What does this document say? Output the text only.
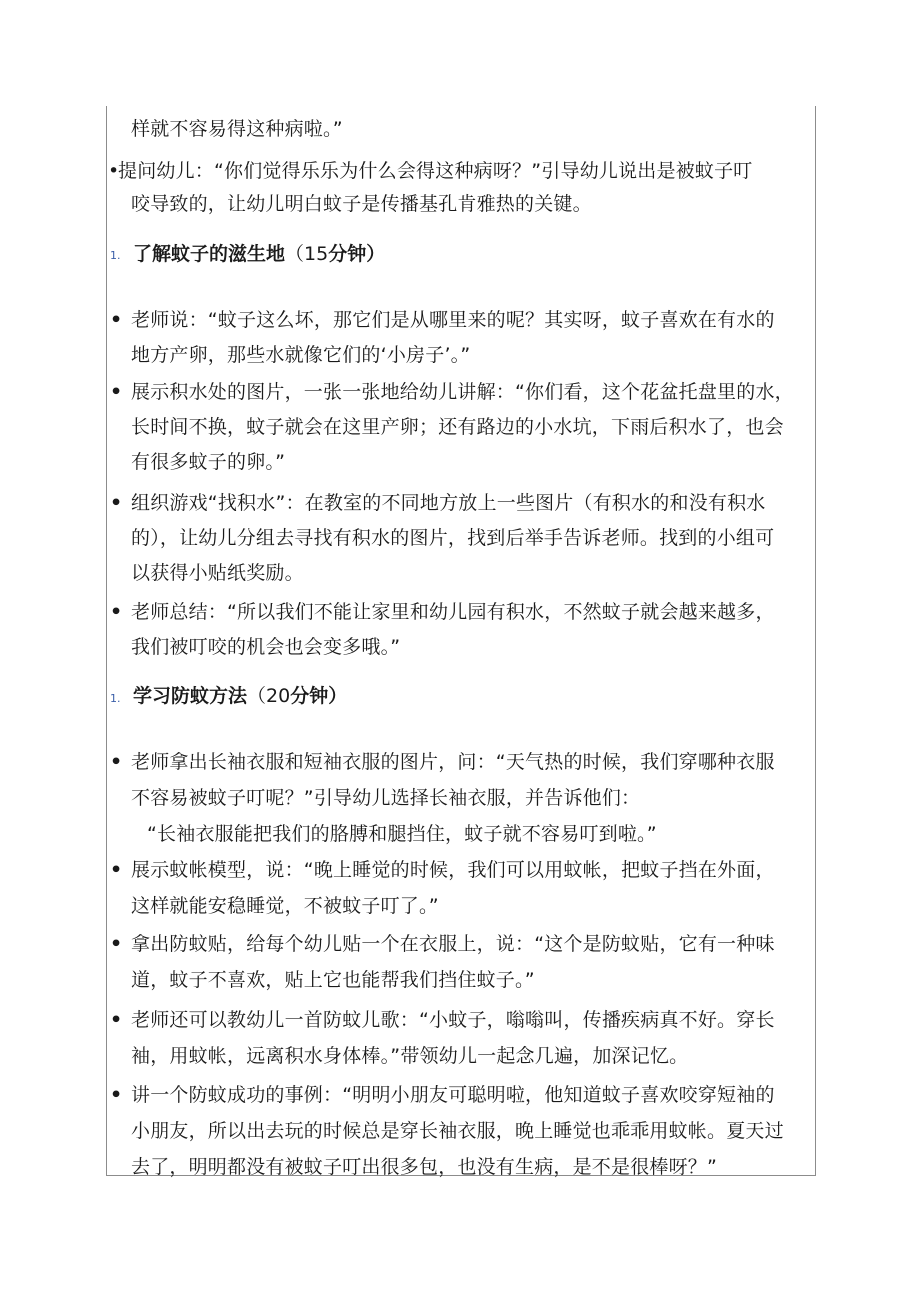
样就不容易得这种病啦。”
•
提问幼儿：“你们觉得乐乐为什么会得这种病呀？”引导幼儿说出是被蚊子叮
咬导致的，让幼儿明白蚊子是传播基孔肯雅热的关键。
1. 了解蚊子的滋生地（15分钟）
• 老师说：“蚊子这么坏，那它们是从哪里来的呢？其实呀，蚊子喜欢在有水的
地方产卵，那些水就像它们的‘小房子’。”
• 展示积水处的图片，一张一张地给幼儿讲解：“你们看，这个花盆托盘里的水，
长时间不换，蚊子就会在这里产卵；还有路边的小水坑，下雨后积水了，也会
有很多蚊子的卵。”
• 组织游戏“找积水”：在教室的不同地方放上一些图片（有积水的和没有积水
的），让幼儿分组去寻找有积水的图片，找到后举手告诉老师。找到的小组可
以获得小贴纸奖励。
• 老师总结：“所以我们不能让家里和幼儿园有积水，不然蚊子就会越来越多，
我们被叮咬的机会也会变多哦。”
1. 学习防蚊方法（20分钟）
• 老师拿出长袖衣服和短袖衣服的图片，问：“天气热的时候，我们穿哪种衣服
不容易被蚊子叮呢？”引导幼儿选择长袖衣服，并告诉他们：
“长袖衣服能把我们的胳膊和腿挡住，蚊子就不容易叮到啦。”
• 展示蚊帐模型，说：“晚上睡觉的时候，我们可以用蚊帐，把蚊子挡在外面，
这样就能安稳睡觉，不被蚊子叮了。”
• 拿出防蚊贴，给每个幼儿贴一个在衣服上，说：“这个是防蚊贴，它有一种味
道，蚊子不喜欢，贴上它也能帮我们挡住蚊子。”
• 老师还可以教幼儿一首防蚊儿歌：“小蚊子，嗡嗡叫，传播疾病真不好。穿长
袖，用蚊帐，远离积水身体棒。”带领幼儿一起念几遍，加深记忆。
• 讲一个防蚊成功的事例：“明明小朋友可聪明啦，他知道蚊子喜欢咬穿短袖的
小朋友，所以出去玩的时候总是穿长袖衣服，晚上睡觉也乖乖用蚊帐。夏天过
去了，明明都没有被蚊子叮出很多包，也没有生病，是不是很棒呀？”
